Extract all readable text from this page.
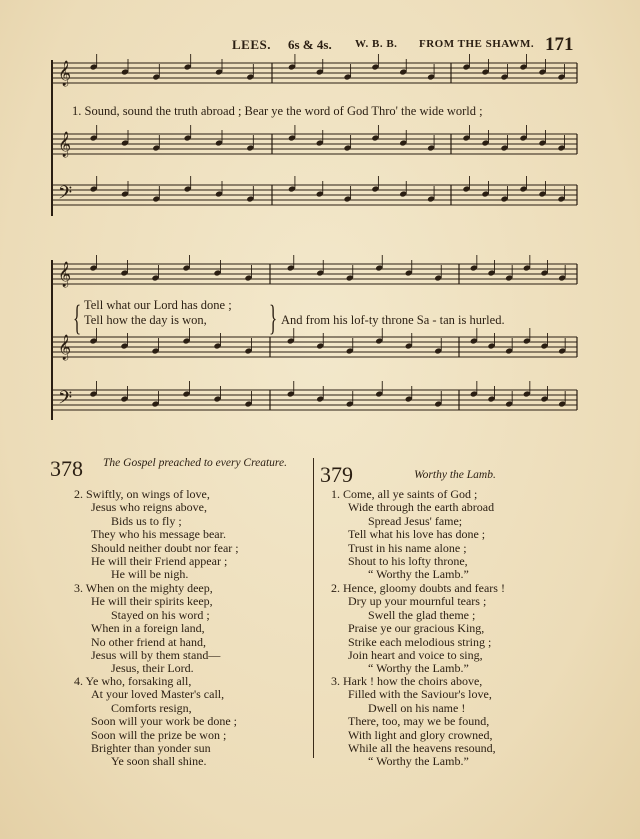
LEES. 6s & 4s. W. B. B. FROM THE SHAWM. 171
𝄞
𝄞
𝄢
𝄞
𝄞
𝄢
1. Sound, sound the truth abroad ; Bear ye the word of God Thro' the wide world ;
{ Tell what our Lord has done ;
Tell how the day is won,	} And from his lof-ty throne Sa - tan is hurled.
378 The Gospel preached to every Creature.
2. Swiftly, on wings of love,
Jesus who reigns above,
Bids us to fly ;
They who his message bear.
Should neither doubt nor fear ;
He will their Friend appear ;
He will be nigh.
3. When on the mighty deep,
He will their spirits keep,
Stayed on his word ;
When in a foreign land,
No other friend at hand,
Jesus will by them stand—
Jesus, their Lord.
4. Ye who, forsaking all,
At your loved Master's call,
Comforts resign,
Soon will your work be done ;
Soon will the prize be won ;
Brighter than yonder sun
Ye soon shall shine.
379	Worthy the Lamb.
1. Come, all ye saints of God ;
Wide through the earth abroad
Spread Jesus' fame;
Tell what his love has done ;
Trust in his name alone ;
Shout to his lofty throne,
“ Worthy the Lamb.”
2. Hence, gloomy doubts and fears !
Dry up your mournful tears ;
Swell the glad theme ;
Praise ye our gracious King,
Strike each melodious string ;
Join heart and voice to sing,
“ Worthy the Lamb.”
3. Hark ! how the choirs above,
Filled with the Saviour's love,
Dwell on his name !
There, too, may we be found,
With light and glory crowned,
While all the heavens resound,
“ Worthy the Lamb.”
